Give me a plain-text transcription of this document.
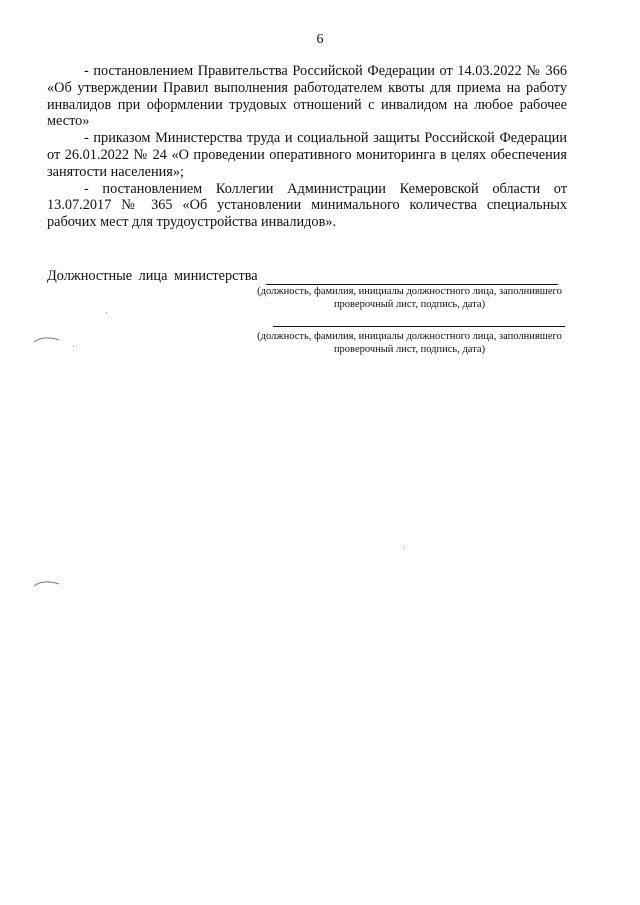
6

- постановлением Правительства Российской Федерации от 14.03.2022 № 366 «Об утверждении Правил выполнения работодателем квоты для приема на работу инвалидов при оформлении трудовых отношений с инвалидом на любое рабочее место»

- приказом Министерства труда и социальной защиты Российской Федерации от 26.01.2022 № 24 «О проведении оперативного мониторинга в целях обеспечения занятости населения»;

- постановлением Коллегии Администрации Кемеровской области от 13.07.2017 № 365 «Об установлении минимального количества специальных рабочих мест для трудоустройства инвалидов».

Должностные лица министерства
(должность, фамилия, инициалы должностного лица, заполнившего
проверочный лист, подпись, дата)
(должность, фамилия, инициалы должностного лица, заполнившего
проверочный лист, подпись, дата)
